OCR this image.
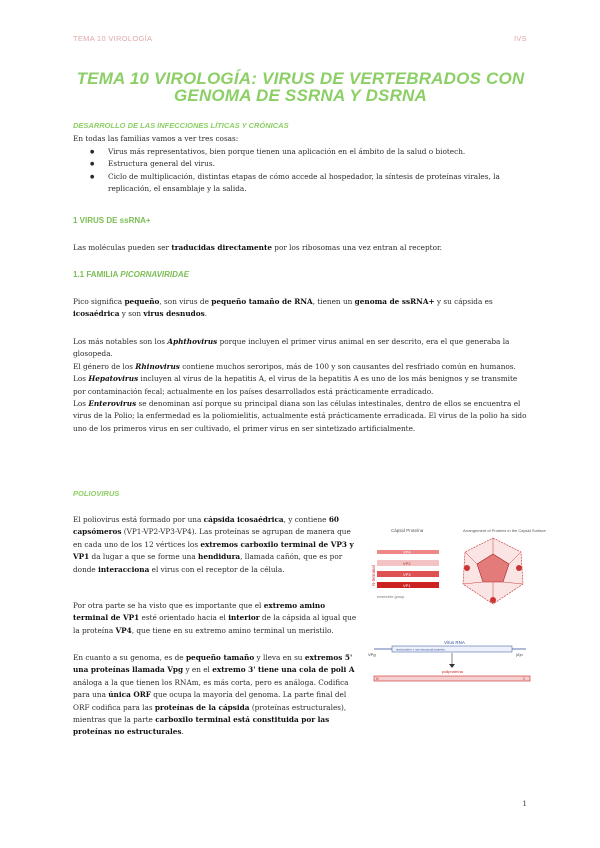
TEMA 10 VIROLOGÍA	IVS
TEMA 10 VIROLOGÍA: VIRUS DE VERTEBRADOS CON GENOMA DE SSRNA Y DSRNA
DESARROLLO DE LAS INFECCIONES LÍTICAS Y CRÓNICAS
En todas las familias vamos a ver tres cosas:
● Virus más representativos, bien porque tienen una aplicación en el ámbito de la salud o biotech.
● Estructura general del virus.
● Ciclo de multiplicación, distintas etapas de cómo accede al hospedador, la síntesis de proteínas virales, la replicación, el ensamblaje y la salida.
1 VIRUS DE ssRNA+
Las moléculas pueden ser traducidas directamente por los ribosomas una vez entran al receptor.
1.1 FAMILIA PICORNAVIRIDAE
Pico significa pequeño, son virus de pequeño tamaño de RNA, tienen un genoma de ssRNA+ y su cápsida es icosaédrica y son virus desnudos.
Los más notables son los Aphthovirus porque incluyen el primer virus animal en ser descrito, era el que generaba la glosopeda.
El género de los Rhinovirus contiene muchos seroripos, más de 100 y son causantes del resfriado común en humanos.
Los Hepatovirus incluyen al virus de la hepatitis A, el virus de la hepatitis A es uno de los más benignos y se transmite por contaminación fecal; actualmente en los países desarrollados está prácticamente erradicado.
Los Enterovirus se denominan así porque su principal diana son las células intestinales, dentro de ellos se encuentra el virus de la Polio; la enfermedad es la poliomielitis, actualmente está prácticamente erradicada. El virus de la polio ha sido uno de los primeros virus en ser cultivado, el primer virus en ser sintetizado artificialmente.
POLIOVIRUS
El poliovirus está formado por una cápsida icosaédrica, y contiene 60 capsómeros (VP1-VP2-VP3-VP4). Las proteínas se agrupan de manera que en cada uno de los 12 vértices los extremos carboxilo terminal de VP3 y VP1 da lugar a que se forme una hendidura, llamada cañón, que es por donde interacciona el virus con el receptor de la célula.
Por otra parte se ha visto que es importante que el extremo amino terminal de VP1 esté orientado hacia el interior de la cápsida al igual que la proteína VP4, que tiene en su extremo amino terminal un meristilo.
En cuanto a su genoma, es de pequeño tamaño y lleva en su extremos 5' una proteínas llamada Vpg y en el extremo 3' tiene una cola de poli A análoga a la que tienen los RNAm, es más corta, pero es análoga. Codifica para una única ORF que ocupa la mayoría del genoma. La parte final del ORF codifica para las proteínas de la cápsida (proteínas estructurales), mientras que la parte carboxilo terminal está constituida por las proteínas no estructurales.
Cápsid Proteína	Arrangement of Proteins in the Capsid Surface
N-terminal
VP4
VP2
VP3
VP1
ensemble group
Virus RNA
VPg
viral protein + non-structural proteins
(A)n
poliproteína
N	C
1
